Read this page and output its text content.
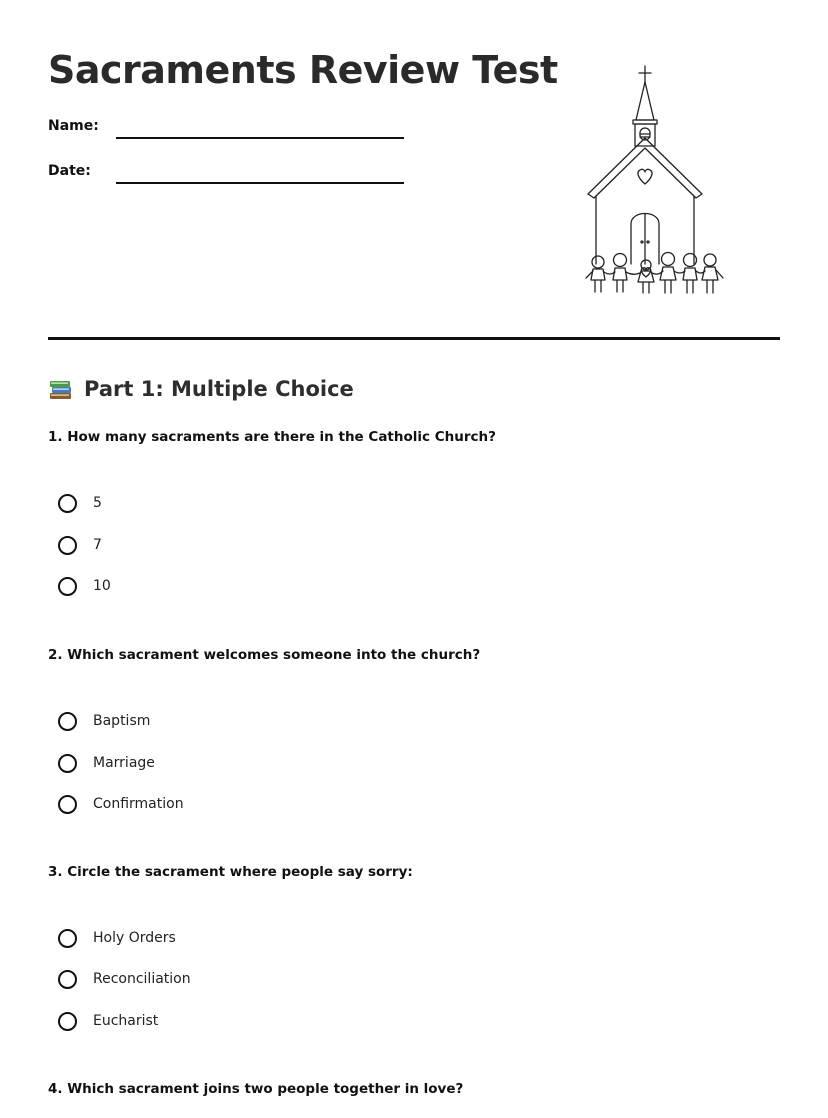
Sacraments Review Test
Name:
Date:
Part 1: Multiple Choice

1. How many sacraments are there in the Catholic Church?

5
7
10

2. Which sacrament welcomes someone into the church?

Baptism
Marriage
Confirmation

3. Circle the sacrament where people say sorry:

Holy Orders
Reconciliation
Eucharist

4. Which sacrament joins two people together in love?
